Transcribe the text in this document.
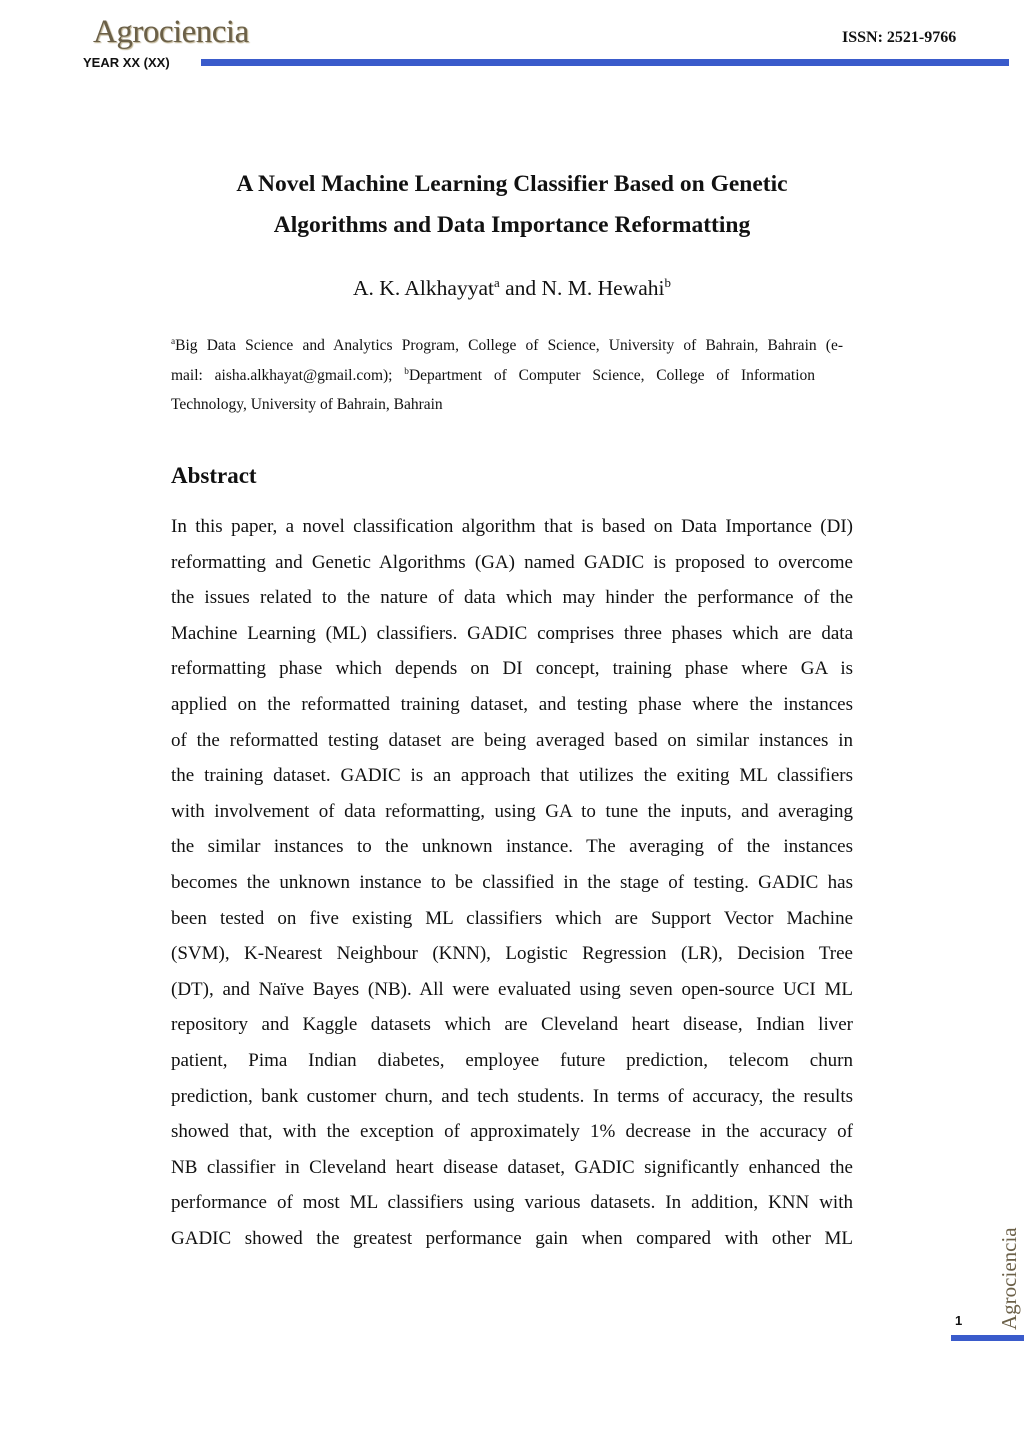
Agrociencia
YEAR XX (XX)
ISSN: 2521-9766
A Novel Machine Learning Classifier Based on Genetic
Algorithms and Data Importance Reformatting
A. K. Alkhayyat$^a$ and N. M. Hewahi$^b$
$^a$Big Data Science and Analytics Program, College of Science, University of Bahrain, Bahrain (e-
mail: aisha.alkhayat@gmail.com); $^b$Department of Computer Science, College of Information
Technology, University of Bahrain, Bahrain
Abstract
In this paper, a novel classification algorithm that is based on Data Importance (DI)
reformatting and Genetic Algorithms (GA) named GADIC is proposed to overcome
the issues related to the nature of data which may hinder the performance of the
Machine Learning (ML) classifiers. GADIC comprises three phases which are data
reformatting phase which depends on DI concept, training phase where GA is
applied on the reformatted training dataset, and testing phase where the instances
of the reformatted testing dataset are being averaged based on similar instances in
the training dataset. GADIC is an approach that utilizes the exiting ML classifiers
with involvement of data reformatting, using GA to tune the inputs, and averaging
the similar instances to the unknown instance. The averaging of the instances
becomes the unknown instance to be classified in the stage of testing. GADIC has
been tested on five existing ML classifiers which are Support Vector Machine
(SVM), K-Nearest Neighbour (KNN), Logistic Regression (LR), Decision Tree
(DT), and Naïve Bayes (NB). All were evaluated using seven open-source UCI ML
repository and Kaggle datasets which are Cleveland heart disease, Indian liver
patient, Pima Indian diabetes, employee future prediction, telecom churn
prediction, bank customer churn, and tech students. In terms of accuracy, the results
showed that, with the exception of approximately 1% decrease in the accuracy of
NB classifier in Cleveland heart disease dataset, GADIC significantly enhanced the
performance of most ML classifiers using various datasets. In addition, KNN with
GADIC showed the greatest performance gain when compared with other ML	Agrociencia
1
